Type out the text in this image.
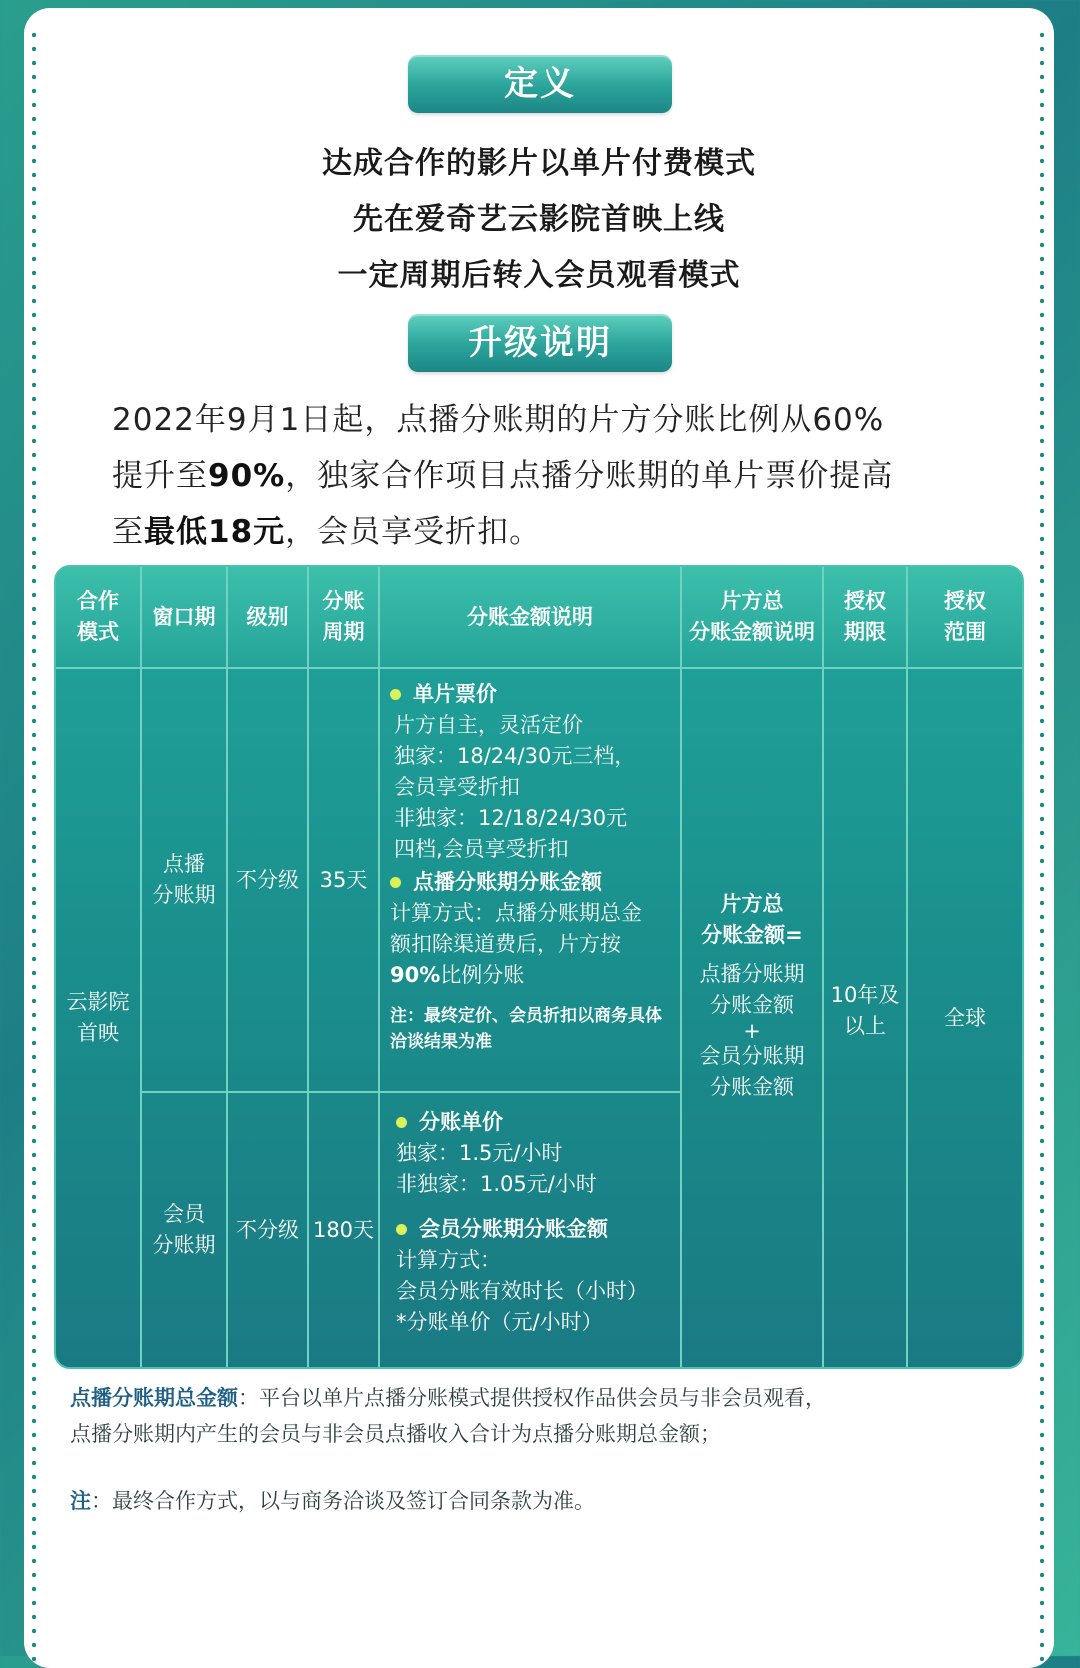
定义
达成合作的影片以单片付费模式
先在爱奇艺云影院首映上线
一定周期后转入会员观看模式
升级说明
2022年9月1日起，点播分账期的片方分账比例从60%
提升至90%，独家合作项目点播分账期的单片票价提高
至最低18元，会员享受折扣。
合作
模式
窗口期	级别
分账
周期
分账金额说明
片方总
分账金额说明
授权
期限
授权
范围
云影院
首映
片方总
分账金额=
点播分账期
分账金额
+
会员分账期
分账金额
10年及
以上	全球
点播
分账期
不分级 35天
单片票价
片方自主，灵活定价
独家：18/24/30元三档，
会员享受折扣
非独家：12/18/24/30元
四档,会员享受折扣
点播分账期分账金额
计算方式：点播分账期总金
额扣除渠道费后，片方按
90%比例分账
注：最终定价、会员折扣以商务具体
洽谈结果为准
会员
分账期
不分级 180天
分账单价
独家：1.5元/小时
非独家：1.05元/小时
会员分账期分账金额
计算方式：
会员分账有效时长（小时）
*分账单价（元/小时）
点播分账期总金额：平台以单片点播分账模式提供授权作品供会员与非会员观看，
点播分账期内产生的会员与非会员点播收入合计为点播分账期总金额；
注：最终合作方式，以与商务洽谈及签订合同条款为准。
